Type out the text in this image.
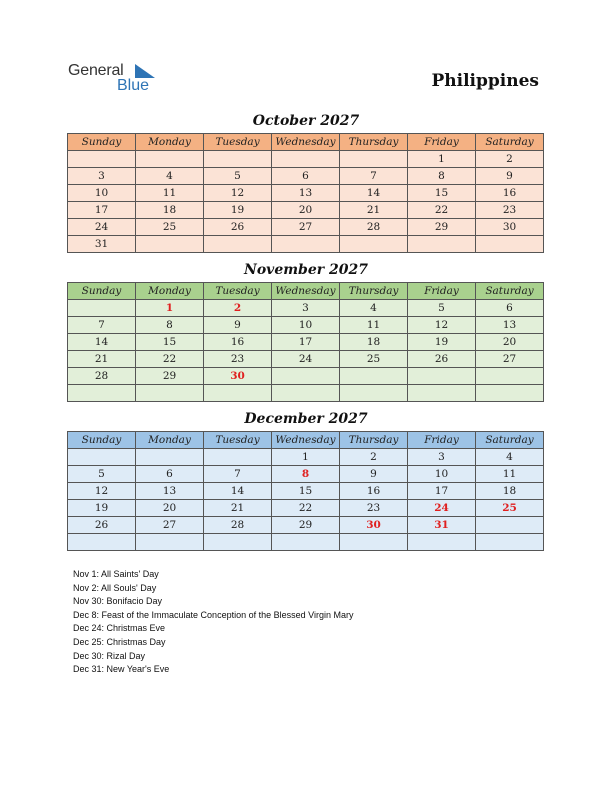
General
Blue	Philippines
October 2027
Sunday	Monday	Tuesday	Wednesday	Thursday	Friday	Saturday
					1	2
3	4	5	6	7	8	9
10	11	12	13	14	15	16
17	18	19	20	21	22	23
24	25	26	27	28	29	30
31						
November 2027
Sunday	Monday	Tuesday	Wednesday	Thursday	Friday	Saturday
	1	2	3	4	5	6
7	8	9	10	11	12	13
14	15	16	17	18	19	20
21	22	23	24	25	26	27
28	29	30				

December 2027
Sunday	Monday	Tuesday	Wednesday	Thursday	Friday	Saturday
			1	2	3	4
5	6	7	8	9	10	11
12	13	14	15	16	17	18
19	20	21	22	23	24	25
26	27	28	29	30	31	

Nov 1: All Saints' Day
Nov 2: All Souls' Day
Nov 30: Bonifacio Day
Dec 8: Feast of the Immaculate Conception of the Blessed Virgin Mary
Dec 24: Christmas Eve
Dec 25: Christmas Day
Dec 30: Rizal Day
Dec 31: New Year's Eve
